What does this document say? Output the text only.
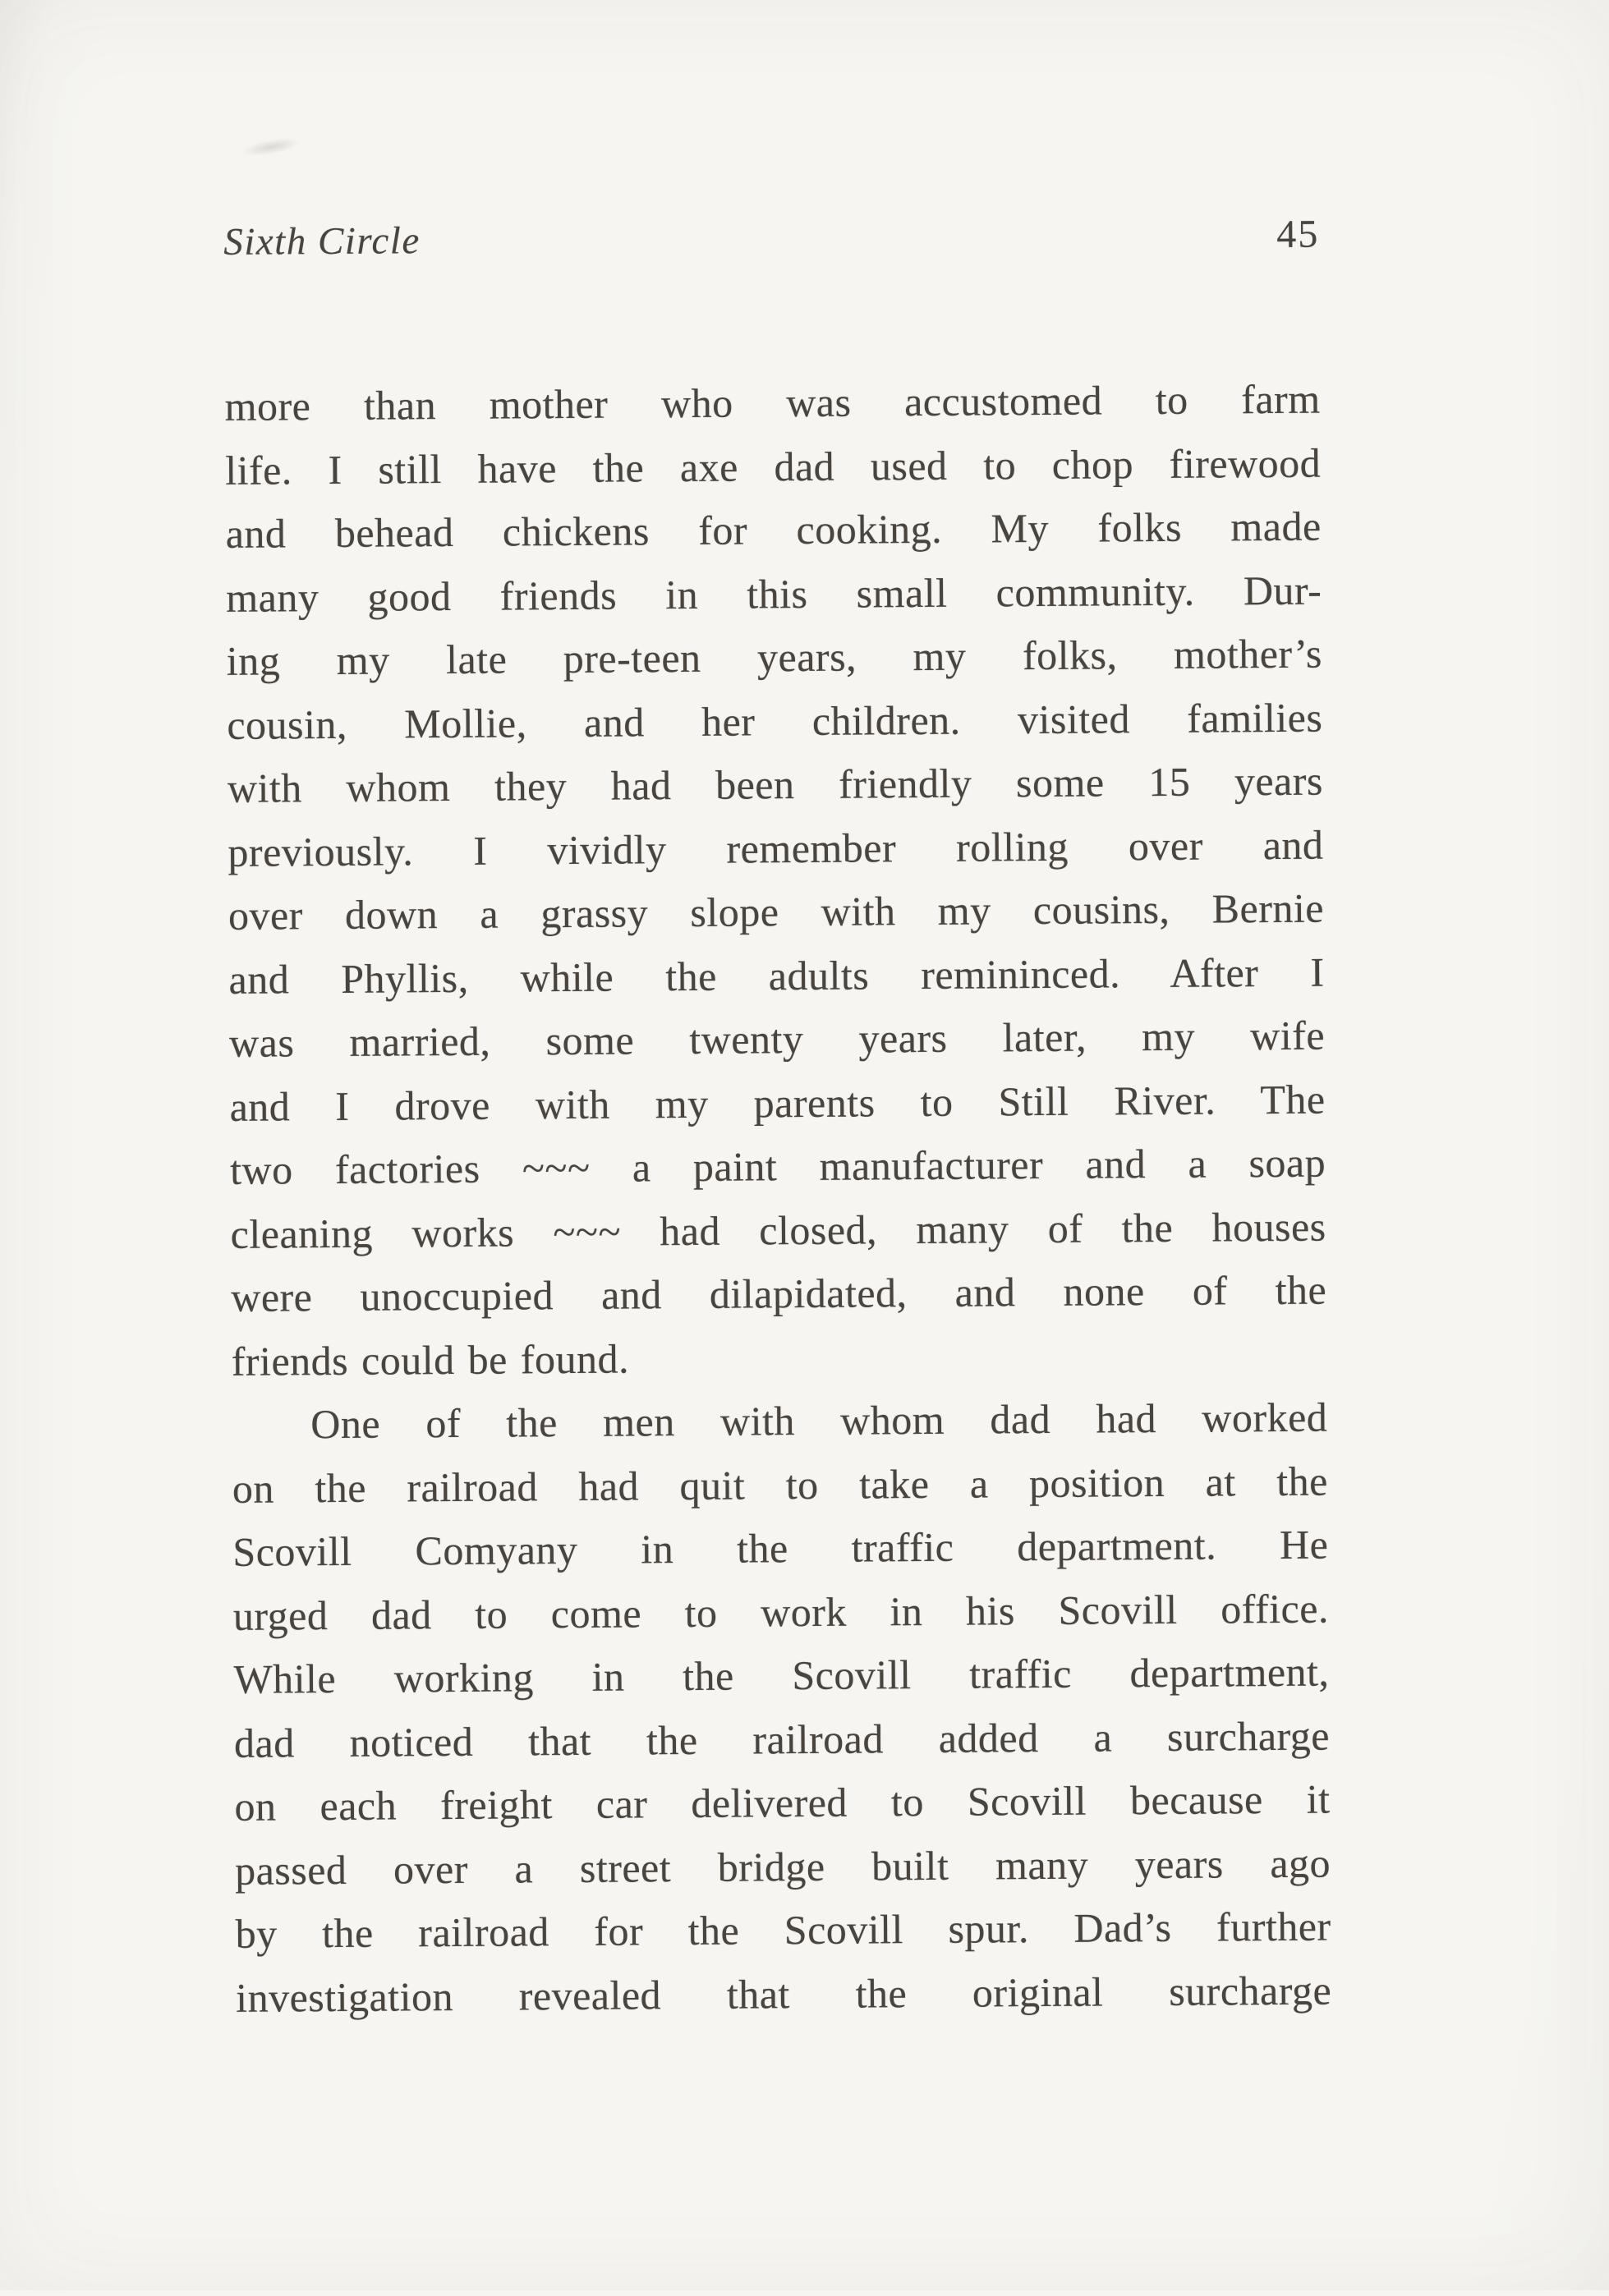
Sixth Circle	45
more than mother who was accustomed to farm
life. I still have the axe dad used to chop firewood
and behead chickens for cooking. My folks made
many good friends in this small community. Dur-
ing my late pre-teen years, my folks, mother’s
cousin, Mollie, and her children. visited families
with whom they had been friendly some 15 years
previously. I vividly remember rolling over and
over down a grassy slope with my cousins, Bernie
and Phyllis, while the adults remininced. After I
was married, some twenty years later, my wife
and I drove with my parents to Still River. The
two factories ~~~ a paint manufacturer and a soap
cleaning works ~~~ had closed, many of the houses
were unoccupied and dilapidated, and none of the
friends could be found.
One of the men with whom dad had worked
on the railroad had quit to take a position at the
Scovill Comyany in the traffic department. He
urged dad to come to work in his Scovill office.
While working in the Scovill traffic department,
dad noticed that the railroad added a surcharge
on each freight car delivered to Scovill because it
passed over a street bridge built many years ago
by the railroad for the Scovill spur. Dad’s further
investigation revealed that the original surcharge
